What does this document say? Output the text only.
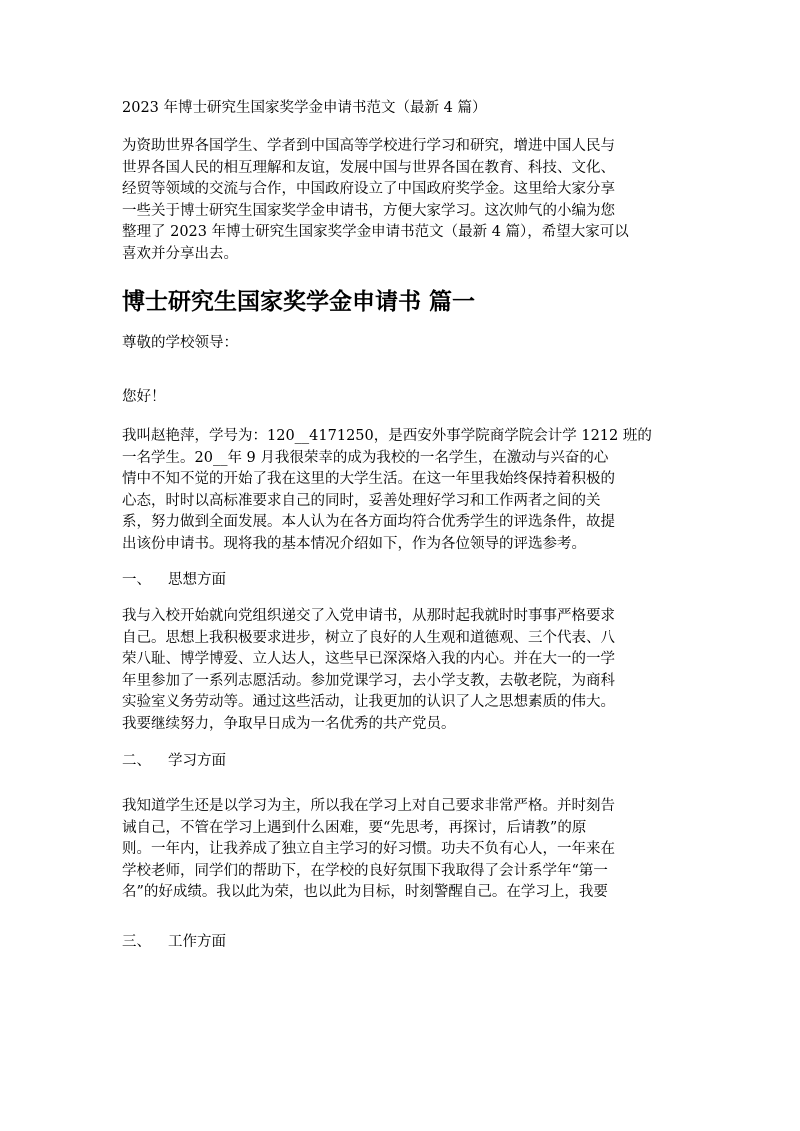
2023 年博士研究生国家奖学金申请书范文（最新 4 篇）
为资助世界各国学生、学者到中国高等学校进行学习和研究，增进中国人民与
世界各国人民的相互理解和友谊，发展中国与世界各国在教育、科技、文化、
经贸等领域的交流与合作，中国政府设立了中国政府奖学金。这里给大家分享
一些关于博士研究生国家奖学金申请书，方便大家学习。这次帅气的小编为您
整理了 2023 年博士研究生国家奖学金申请书范文（最新 4 篇），希望大家可以
喜欢并分享出去。
博士研究生国家奖学金申请书 篇一
尊敬的学校领导：
您好！
我叫赵艳萍，学号为：120__4171250，是西安外事学院商学院会计学 1212 班的
一名学生。20__年 9 月我很荣幸的成为我校的一名学生，在激动与兴奋的心
情中不知不觉的开始了我在这里的大学生活。在这一年里我始终保持着积极的
心态，时时以高标准要求自己的同时，妥善处理好学习和工作两者之间的关
系，努力做到全面发展。本人认为在各方面均符合优秀学生的评选条件，故提
出该份申请书。现将我的基本情况介绍如下，作为各位领导的评选参考。
一、 思想方面
我与入校开始就向党组织递交了入党申请书，从那时起我就时时事事严格要求
自己。思想上我积极要求进步，树立了良好的人生观和道德观、三个代表、八
荣八耻、博学博爱、立人达人，这些早已深深烙入我的内心。并在大一的一学
年里参加了一系列志愿活动。参加党课学习，去小学支教，去敬老院，为商科
实验室义务劳动等。通过这些活动，让我更加的认识了人之思想素质的伟大。
我要继续努力，争取早日成为一名优秀的共产党员。
二、 学习方面
我知道学生还是以学习为主，所以我在学习上对自己要求非常严格。并时刻告
诫自己，不管在学习上遇到什么困难，要“先思考，再探讨，后请教”的原
则。一年内，让我养成了独立自主学习的好习惯。功夫不负有心人，一年来在
学校老师，同学们的帮助下，在学校的良好氛围下我取得了会计系学年“第一
名”的好成绩。我以此为荣，也以此为目标，时刻警醒自己。在学习上，我要
三、 工作方面
